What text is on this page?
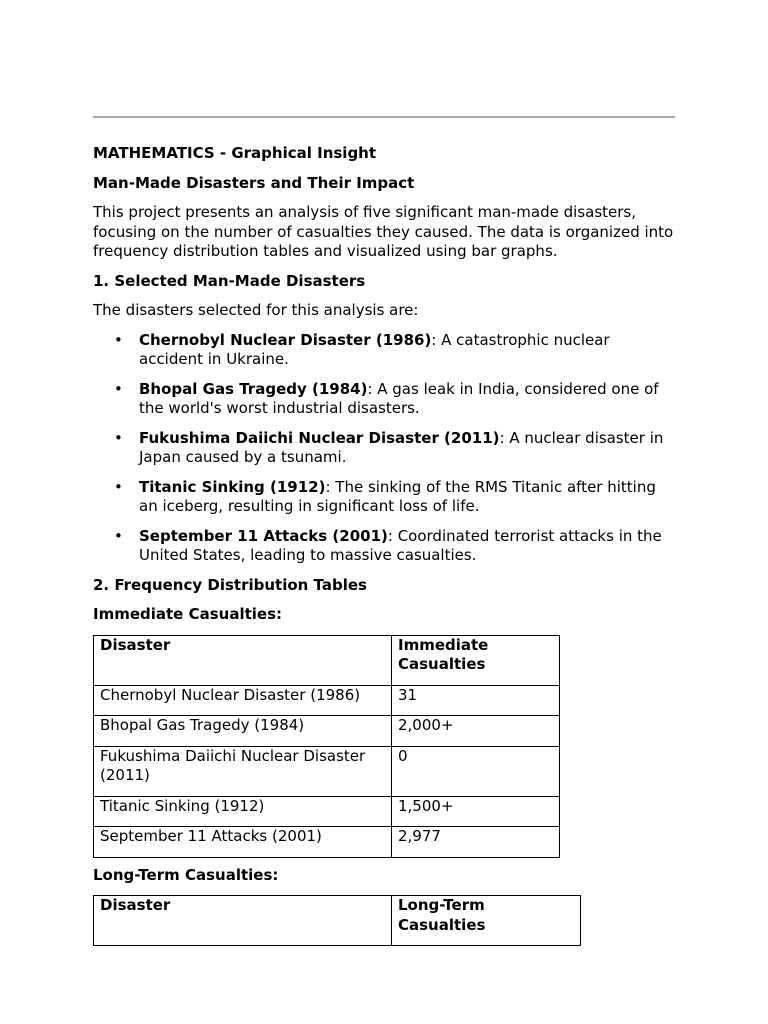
MATHEMATICS - Graphical Insight

Man-Made Disasters and Their Impact

This project presents an analysis of five significant man-made disasters, focusing on the number of casualties they caused. The data is organized into frequency distribution tables and visualized using bar graphs.

1. Selected Man-Made Disasters

The disasters selected for this analysis are:

• Chernobyl Nuclear Disaster (1986): A catastrophic nuclear accident in Ukraine.
• Bhopal Gas Tragedy (1984): A gas leak in India, considered one of the world's worst industrial disasters.
• Fukushima Daiichi Nuclear Disaster (2011): A nuclear disaster in Japan caused by a tsunami.
• Titanic Sinking (1912): The sinking of the RMS Titanic after hitting an iceberg, resulting in significant loss of life.
• September 11 Attacks (2001): Coordinated terrorist attacks in the United States, leading to massive casualties.

2. Frequency Distribution Tables

Immediate Casualties:

Disaster	Immediate Casualties
Chernobyl Nuclear Disaster (1986)	31
Bhopal Gas Tragedy (1984)	2,000+
Fukushima Daiichi Nuclear Disaster (2011)	0
Titanic Sinking (1912)	1,500+
September 11 Attacks (2001)	2,977

Long-Term Casualties:

Disaster	Long-Term Casualties
